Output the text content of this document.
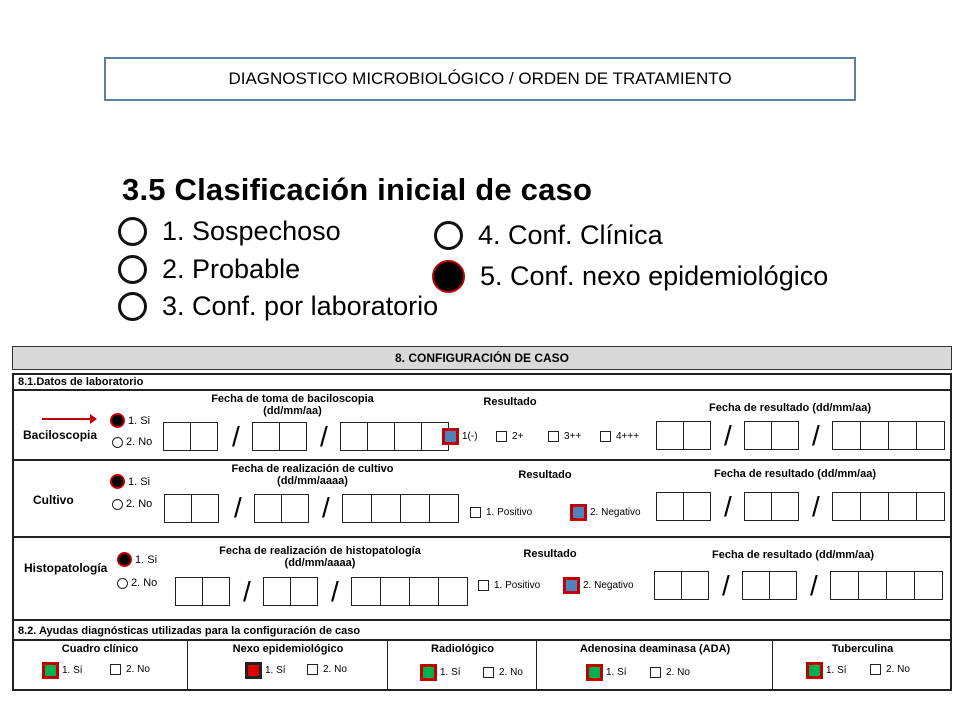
DIAGNOSTICO MICROBIOLÓGICO / ORDEN DE TRATAMIENTO
3.5 Clasificación inicial de caso
1. Sospechoso
2. Probable
3. Conf. por laboratorio
4. Conf. Clínica
5. Conf. nexo epidemiológico
8. CONFIGURACIÓN DE CASO
8.1.Datos de laboratorio
Baciloscopia
1. Si
2. No
Fecha de toma de baciloscopia
(dd/mm/aa)
/	/
Resultado
1(-)	2+	3++	4+++
Fecha de resultado (dd/mm/aa)
/	/
Cultivo
1. Si
2. No
Fecha de realización de cultivo
(dd/mm/aaaa)
/	/
Resultado
1. Positivo	2. Negativo
Fecha de resultado (dd/mm/aa)
/	/
Histopatología
1. Si
2. No
Fecha de realización de histopatología
(dd/mm/aaaa)
/	/
Resultado
1. Positivo	2. Negativo
Fecha de resultado (dd/mm/aa)
/	/
8.2. Ayudas diagnósticas utilizadas para la configuración de caso
Cuadro clínico
1. Sí	2. No
Nexo epidemiológico
1. Sí	2. No
Radiológico
1. Sí	2. No
Adenosina deaminasa (ADA)
1. Sí	2. No
Tuberculina
1. Sí	2. No
